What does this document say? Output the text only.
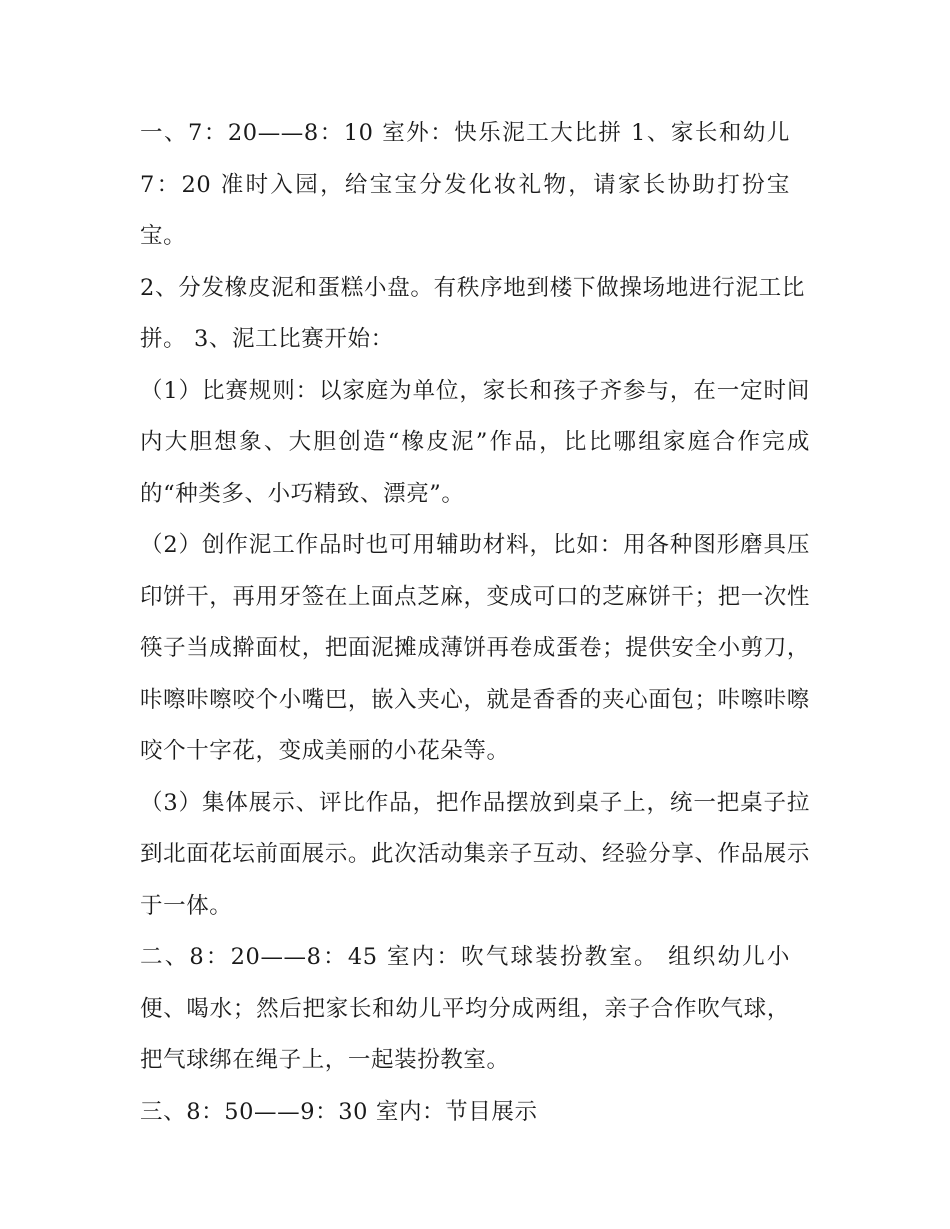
一、7：20——8：10 室外：快乐泥工大比拼 1、家长和幼儿 7：20 准时入园，给宝宝分发化妆礼物，请家长协助打扮宝宝。

2、分发橡皮泥和蛋糕小盘。有秩序地到楼下做操场地进行泥工比拼。 3、泥工比赛开始：

（1）比赛规则：以家庭为单位，家长和孩子齐参与，在一定时间内大胆想象、大胆创造“橡皮泥”作品，比比哪组家庭合作完成的“种类多、小巧精致、漂亮”。

（2）创作泥工作品时也可用辅助材料，比如：用各种图形磨具压印饼干，再用牙签在上面点芝麻，变成可口的芝麻饼干；把一次性筷子当成擀面杖，把面泥摊成薄饼再卷成蛋卷；提供安全小剪刀，咔嚓咔嚓咬个小嘴巴，嵌入夹心，就是香香的夹心面包；咔嚓咔嚓咬个十字花，变成美丽的小花朵等。

（3）集体展示、评比作品，把作品摆放到桌子上，统一把桌子拉到北面花坛前面展示。此次活动集亲子互动、经验分享、作品展示于一体。

二、8：20——8：45 室内：吹气球装扮教室。 组织幼儿小便、喝水；然后把家长和幼儿平均分成两组，亲子合作吹气球，把气球绑在绳子上，一起装扮教室。

三、8：50——9：30 室内：节目展示
